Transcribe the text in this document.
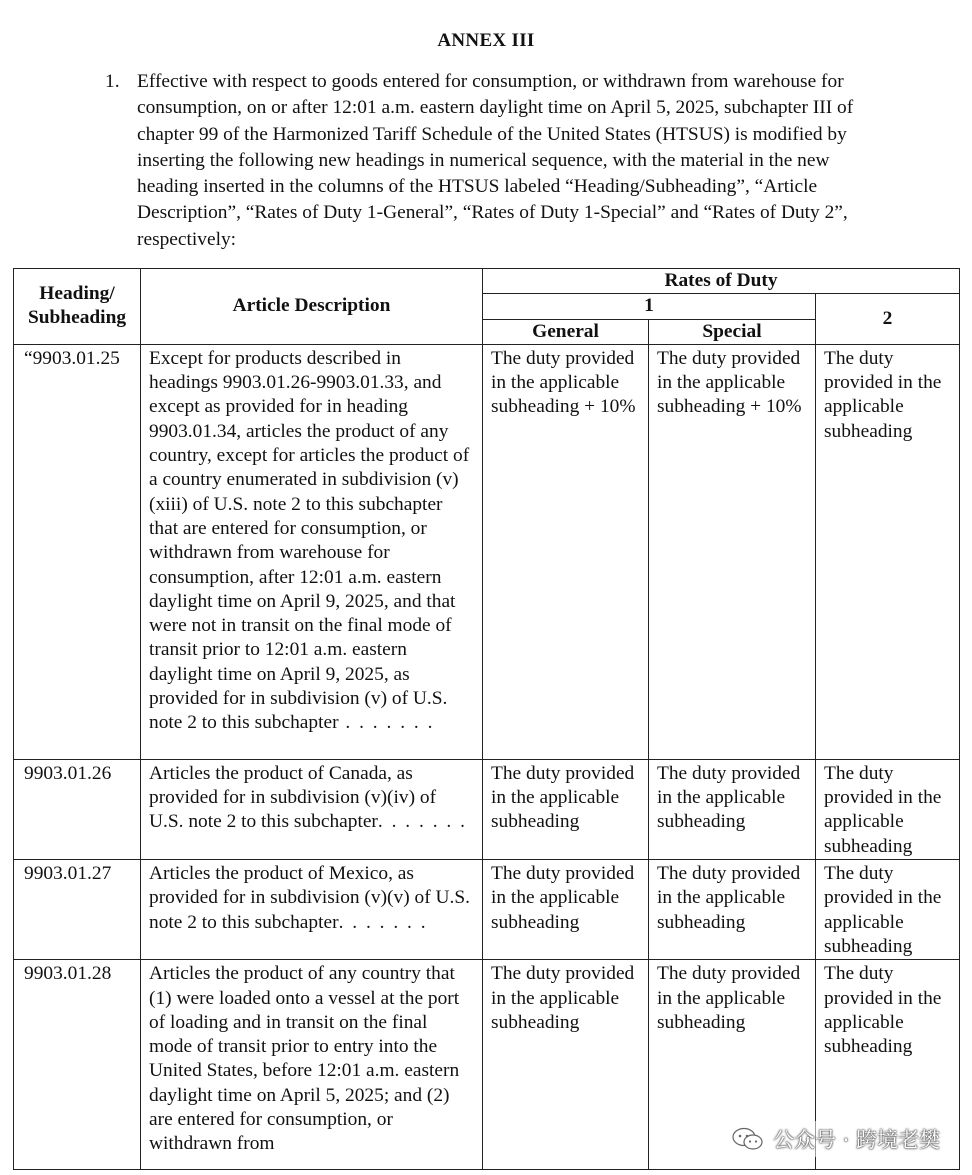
ANNEX III
1. Effective with respect to goods entered for consumption, or withdrawn from warehouse for consumption, on or after 12:01 a.m. eastern daylight time on April 5, 2025, subchapter III of chapter 99 of the Harmonized Tariff Schedule of the United States (HTSUS) is modified by inserting the following new headings in numerical sequence, with the material in the new heading inserted in the columns of the HTSUS labeled “Heading/Subheading”, “Article Description”, “Rates of Duty 1-General”, “Rates of Duty 1-Special” and “Rates of Duty 2”, respectively:
Heading/ Subheading	Article Description	Rates of Duty		
		1		2
		General	Special	
“9903.01.25	Except for products described in headings 9903.01.26-9903.01.33, and except as provided for in heading 9903.01.34, articles the product of any country, except for articles the product of a country enumerated in subdivision (v)(xiii) of U.S. note 2 to this subchapter that are entered for consumption, or withdrawn from warehouse for consumption, after 12:01 a.m. eastern daylight time on April 9, 2025, and that were not in transit on the final mode of transit prior to 12:01 a.m. eastern daylight time on April 9, 2025, as provided for in subdivision (v) of U.S. note 2 to this subchapter . . . . . . .	The duty provided in the applicable subheading + 10%	The duty provided in the applicable subheading + 10%	The duty provided in the applicable subheading
9903.01.26	Articles the product of Canada, as provided for in subdivision (v)(iv) of U.S. note 2 to this subchapter. . . . . . .	The duty provided in the applicable subheading	The duty provided in the applicable subheading	The duty provided in the applicable subheading
9903.01.27	Articles the product of Mexico, as provided for in subdivision (v)(v) of U.S. note 2 to this subchapter. . . . . . .	The duty provided in the applicable subheading	The duty provided in the applicable subheading	The duty provided in the applicable subheading
9903.01.28	Articles the product of any country that (1) were loaded onto a vessel at the port of loading and in transit on the final mode of transit prior to entry into the United States, before 12:01 a.m. eastern daylight time on April 5, 2025; and (2) are entered for consumption, or withdrawn from	The duty provided in the applicable subheading	The duty provided in the applicable subheading	The duty provided in the applicable subheading
公众号 · 跨境老樊
